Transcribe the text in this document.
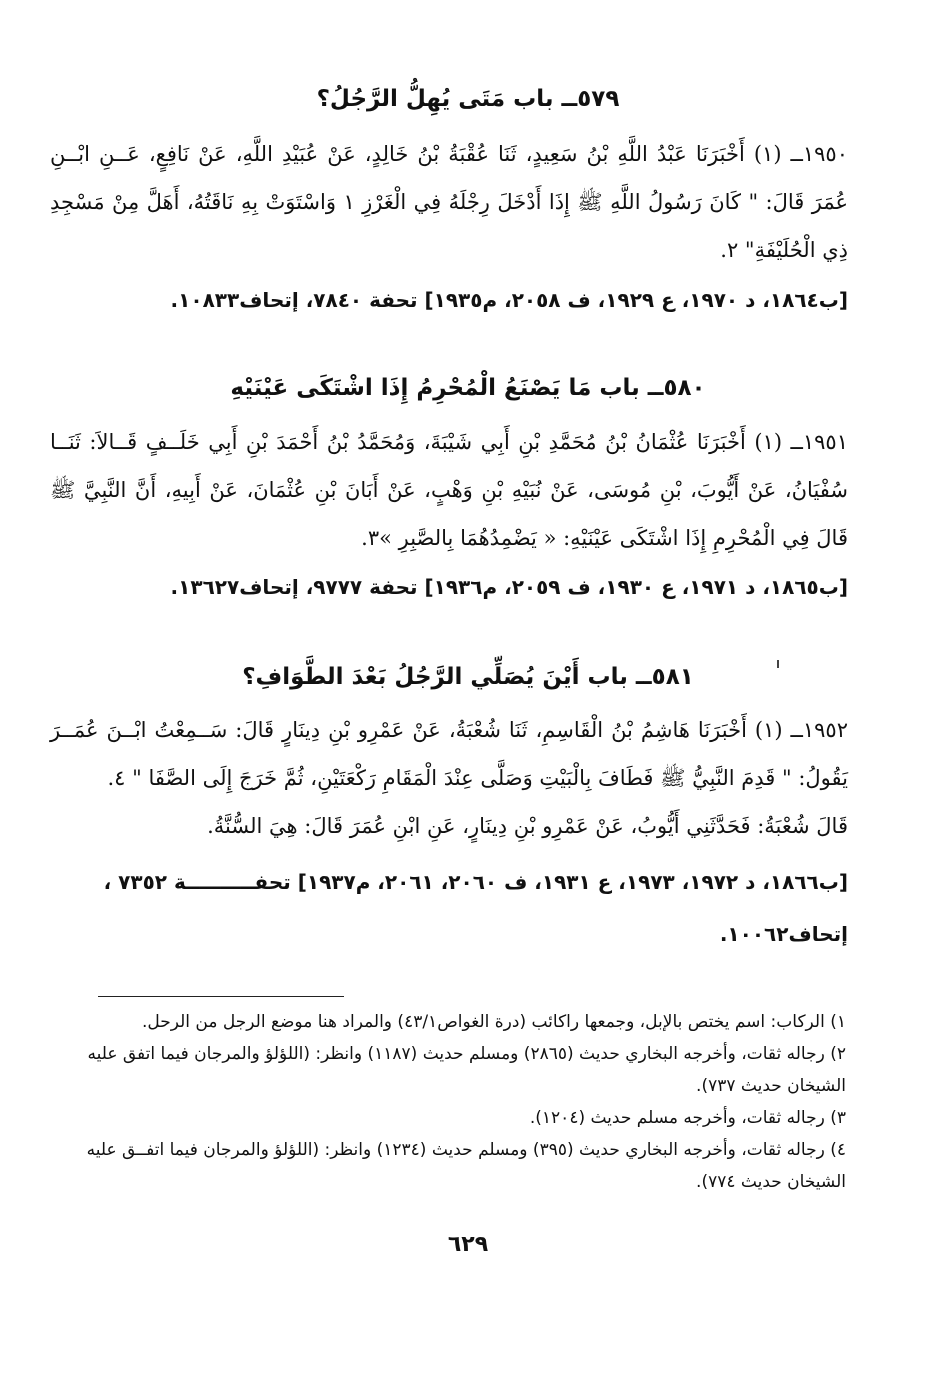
٥٧٩ــ باب مَتَى يُهِلُّ الرَّجُلُ؟
١٩٥٠ــ (١) أَخْبَرَنَا عَبْدُ اللَّهِ بْنُ سَعِيدٍ، ثَنَا عُقْبَةُ بْنُ خَالِدٍ، عَنْ عُبَيْدِ اللَّهِ، عَنْ نَافِعٍ، عَــنِ ابْــنِ عُمَرَ قَالَ: " كَانَ رَسُولُ اللَّهِ ﷺ إِذَا أَدْخَلَ رِجْلَهُ فِي الْغَرْزِ ١ وَاسْتَوَتْ بِهِ نَاقَتُهُ، أَهَلَّ مِنْ مَسْجِدِ ذِي الْحُلَيْفَةِ" ٢.
[ب١٨٦٤، د ١٩٧٠، ع ١٩٢٩، ف ٢٠٥٨، م١٩٣٥] تحفة ٧٨٤٠، إتحاف١٠٨٣٣.
٥٨٠ــ باب مَا يَصْنَعُ الْمُحْرِمُ إِذَا اشْتَكَى عَيْنَيْهِ
١٩٥١ــ (١) أَخْبَرَنَا عُثْمَانُ بْنُ مُحَمَّدِ بْنِ أَبِي شَيْبَةَ، وَمُحَمَّدُ بْنُ أَحْمَدَ بْنِ أَبِي خَلَــفٍ قَــالاَ: ثَنَــا سُفْيَانُ، عَنْ أَيُّوبَ، بْنِ مُوسَى، عَنْ نُبَيْهِ بْنِ وَهْبٍ، عَنْ أَبَانَ بْنِ عُثْمَانَ، عَنْ أَبِيهِ، أَنَّ النَّبِيَّ ﷺ قَالَ فِي الْمُحْرِمِ إِذَا اشْتَكَى عَيْنَيْهِ: « يَضْمِدُهُمَا بِالصَّبِرِ »٣.
[ب١٨٦٥، د ١٩٧١، ع ١٩٣٠، ف ٢٠٥٩، م١٩٣٦] تحفة ٩٧٧٧، إتحاف١٣٦٢٧.
٥٨١ــ باب أَيْنَ يُصَلِّي الرَّجُلُ بَعْدَ الطَّوَافِ؟
١٩٥٢ــ (١) أَخْبَرَنَا هَاشِمُ بْنُ الْقَاسِمِ، ثَنَا شُعْبَةُ، عَنْ عَمْرِو بْنِ دِينَارٍ قَالَ: سَــمِعْتُ ابْــنَ عُمَــرَ يَقُولُ: " قَدِمَ النَّبِيُّ ﷺ فَطَافَ بِالْبَيْتِ وَصَلَّى عِنْدَ الْمَقَامِ رَكْعَتَيْنِ، ثُمَّ خَرَجَ إِلَى الصَّفَا " ٤.
قَالَ شُعْبَةُ: فَحَدَّثَنِي أَيُّوبُ، عَنْ عَمْرِو بْنِ دِينَارٍ، عَنِ ابْنِ عُمَرَ قَالَ: هِيَ السُّنَّةُ.
[ب١٨٦٦، د ١٩٧٢، ١٩٧٣، ع ١٩٣١، ف ٢٠٦٠، ٢٠٦١، م١٩٣٧] تحفــــــــــة ٧٣٥٢ ، إتحاف١٠٠٦٢.

١) الركاب: اسم يختص بالإبل، وجمعها راكائب (درة الغواص٤٣/١) والمراد هنا موضع الرجل من الرحل.

٢) رجاله ثقات، وأخرجه البخاري حديث (٢٨٦٥) ومسلم حديث (١١٨٧) وانظر: (اللؤلؤ والمرجان فيما اتفق عليه الشيخان حديث ٧٣٧).

٣) رجاله ثقات، وأخرجه مسلم حديث (١٢٠٤).

٤) رجاله ثقات، وأخرجه البخاري حديث (٣٩٥) ومسلم حديث (١٢٣٤) وانظر: (اللؤلؤ والمرجان فيما اتفــق عليه الشيخان حديث ٧٧٤).

٦٢٩
